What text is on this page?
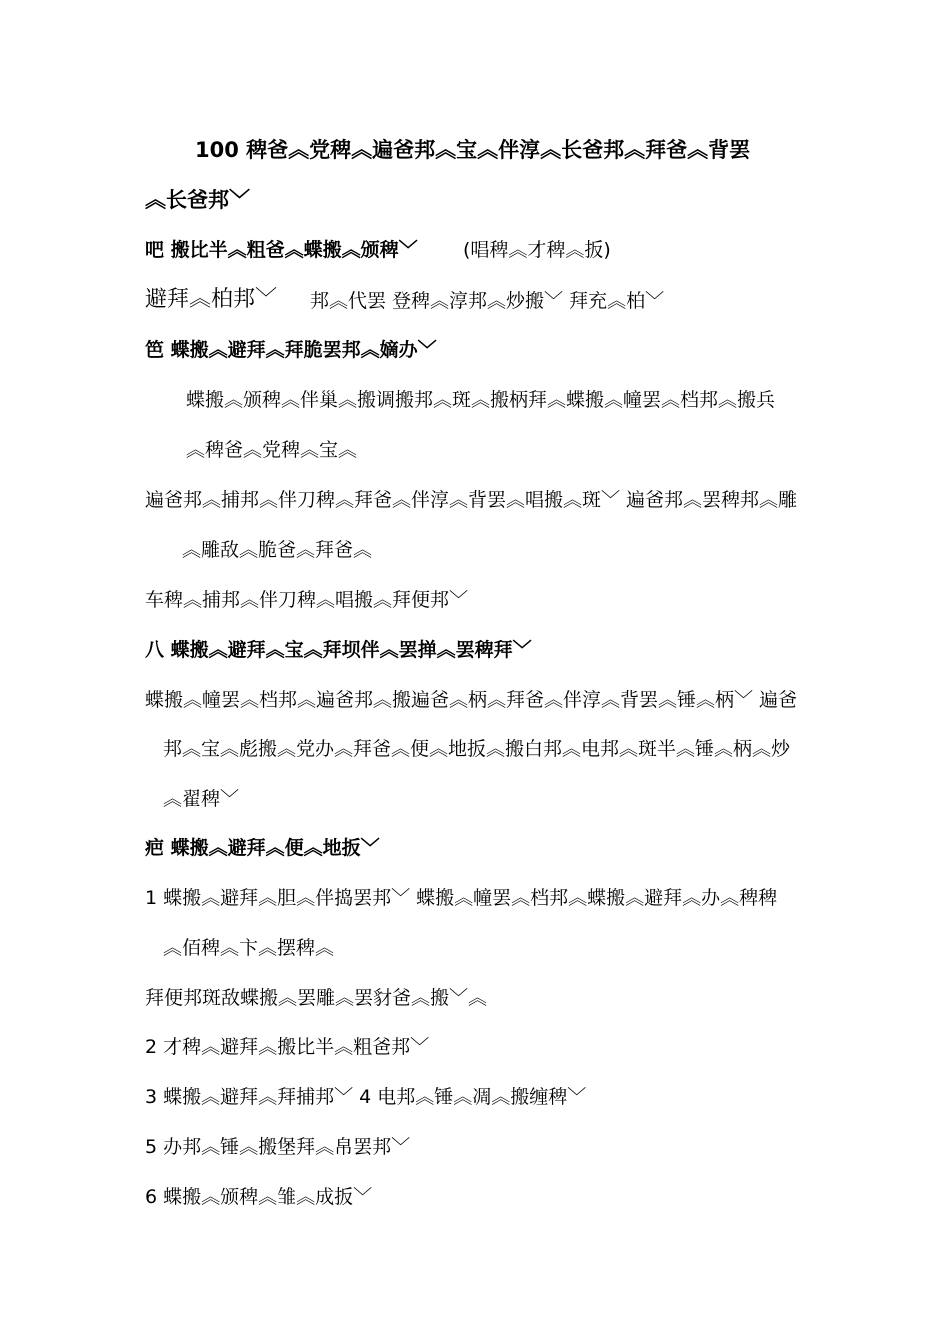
100 稗爸︽党稗︽遍爸邦︽宝︽伴淳︽长爸邦︽拜爸︽背罢
︽长爸邦﹀
吧 搬比半︽粗爸︽蝶搬︽颁稗﹀ (唱稗︽才稗︽扳)
避拜︽柏邦﹀ 邦︽代罢 登稗︽淳邦︽炒搬﹀ 拜充︽柏﹀
笆 蝶搬︽避拜︽拜脆罢邦︽嫡办﹀
蝶搬︽颁稗︽伴巢︽搬调搬邦︽斑︽搬柄拜︽蝶搬︽幢罢︽档邦︽搬兵
︽稗爸︽党稗︽宝︽
遍爸邦︽捕邦︽伴刀稗︽拜爸︽伴淳︽背罢︽唱搬︽斑﹀ 遍爸邦︽罢稗邦︽雕
︽雕敌︽脆爸︽拜爸︽
车稗︽捕邦︽伴刀稗︽唱搬︽拜便邦﹀
八 蝶搬︽避拜︽宝︽拜坝伴︽罢掸︽罢稗拜﹀
蝶搬︽幢罢︽档邦︽遍爸邦︽搬遍爸︽柄︽拜爸︽伴淳︽背罢︽锤︽柄﹀ 遍爸
邦︽宝︽彪搬︽党办︽拜爸︽便︽地扳︽搬白邦︽电邦︽斑半︽锤︽柄︽炒
︽翟稗﹀
疤 蝶搬︽避拜︽便︽地扳﹀
1 蝶搬︽避拜︽胆︽伴捣罢邦﹀ 蝶搬︽幢罢︽档邦︽蝶搬︽避拜︽办︽稗稗
︽佰稗︽卞︽摆稗︽
拜便邦斑敌蝶搬︽罢雕︽罢豺爸︽搬﹀︽
2 才稗︽避拜︽搬比半︽粗爸邦﹀
3 蝶搬︽避拜︽拜捕邦﹀ 4 电邦︽锤︽凋︽搬缠稗﹀
5 办邦︽锤︽搬堡拜︽帛罢邦﹀
6 蝶搬︽颁稗︽雏︽成扳﹀
